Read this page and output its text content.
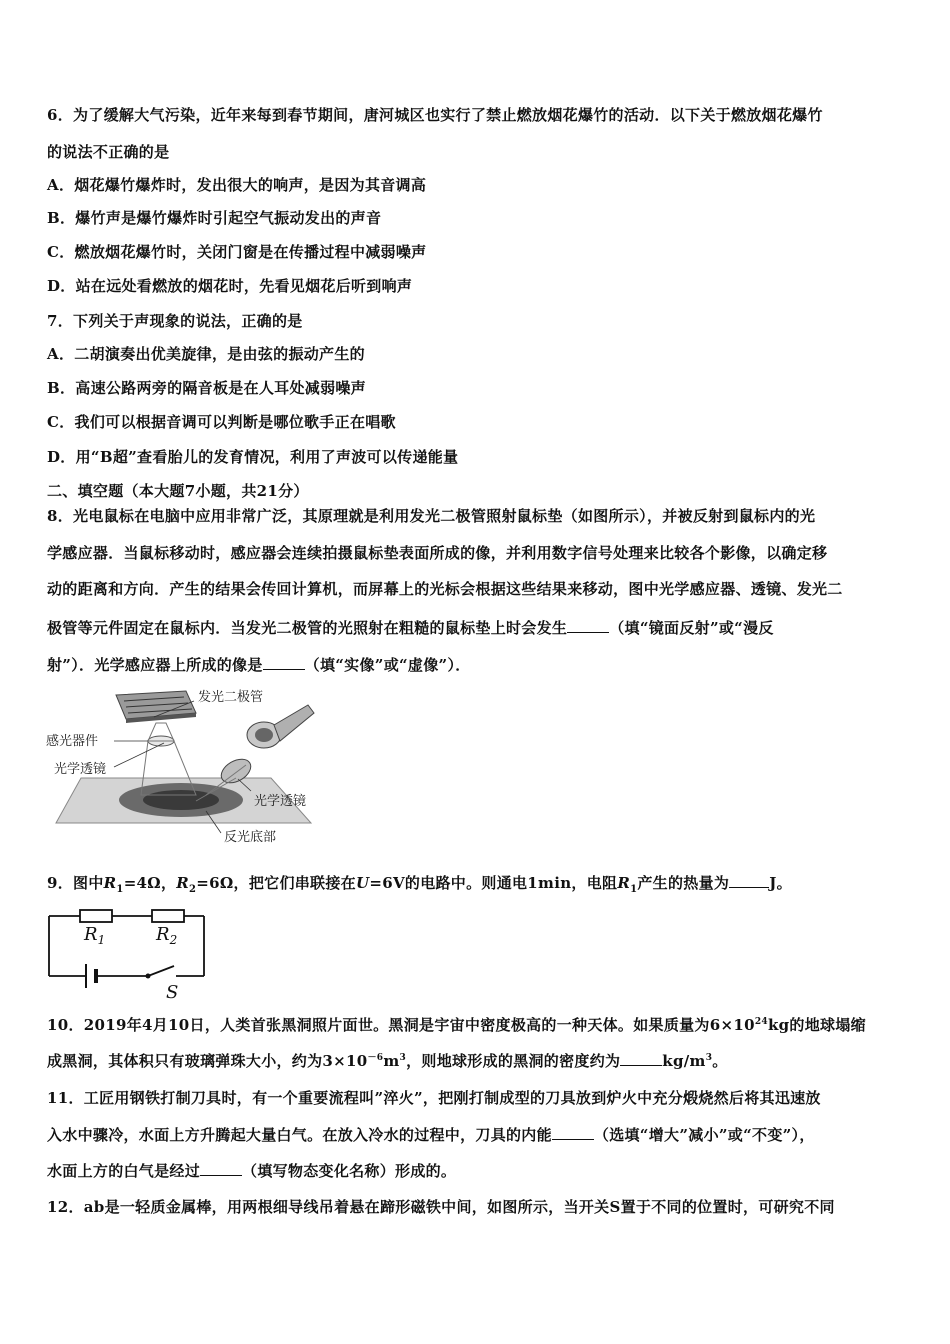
6．为了缓解大气污染，近年来每到春节期间，唐河城区也实行了禁止燃放烟花爆竹的活动．以下关于燃放烟花爆竹
的说法不正确的是
A．烟花爆竹爆炸时，发出很大的响声，是因为其音调高
B．爆竹声是爆竹爆炸时引起空气振动发出的声音
C．燃放烟花爆竹时，关闭门窗是在传播过程中减弱噪声
D．站在远处看燃放的烟花时，先看见烟花后听到响声
7．下列关于声现象的说法，正确的是
A．二胡演奏出优美旋律，是由弦的振动产生的
B．高速公路两旁的隔音板是在人耳处减弱噪声
C．我们可以根据音调可以判断是哪位歌手正在唱歌
D．用“B超”查看胎儿的发育情况，利用了声波可以传递能量
二、填空题（本大题7小题，共21分）
8．光电鼠标在电脑中应用非常广泛，其原理就是利用发光二极管照射鼠标垫（如图所示），并被反射到鼠标内的光
学感应器．当鼠标移动时，感应器会连续拍摄鼠标垫表面所成的像，并利用数字信号处理来比较各个影像，以确定移
动的距离和方向．产生的结果会传回计算机，而屏幕上的光标会根据这些结果来移动，图中光学感应器、透镜、发光二
极管等元件固定在鼠标内．当发光二极管的光照射在粗糙的鼠标垫上时会发生	（填“镜面反射”或“漫反
射”）．光学感应器上所成的像是	（填“实像”或“虚像”）．
发光二极管
感光器件
光学透镜
光学透镜
反光底部
9．图中$R_1=4\Omega$，$R_2=6\Omega$，把它们串联接在U=6V的电路中。则通电1min，电阻$R_1$产生的热量为	J。
$R_1$	$R_2$
S
10．2019年4月10日，人类首张黑洞照片面世。黑洞是宇宙中密度极高的一种天体。如果质量为$6\times 10^{24}kg$的地球塌缩
成黑洞，其体积只有玻璃弹珠大小，约为$3\times 10^{-6}m^3$，则地球形成的黑洞的密度约为	$kg/m^3$。
11．工匠用钢铁打制刀具时，有一个重要流程叫”淬火”，把刚打制成型的刀具放到炉火中充分煅烧然后将其迅速放
入水中骤冷，水面上方升腾起大量白气。在放入冷水的过程中，刀具的内能	（选填“增大”减小”或“不变”），
水面上方的白气是经过	（填写物态变化名称）形成的。
12．ab是一轻质金属棒，用两根细导线吊着悬在蹄形磁铁中间，如图所示，当开关S置于不同的位置时，可研究不同
